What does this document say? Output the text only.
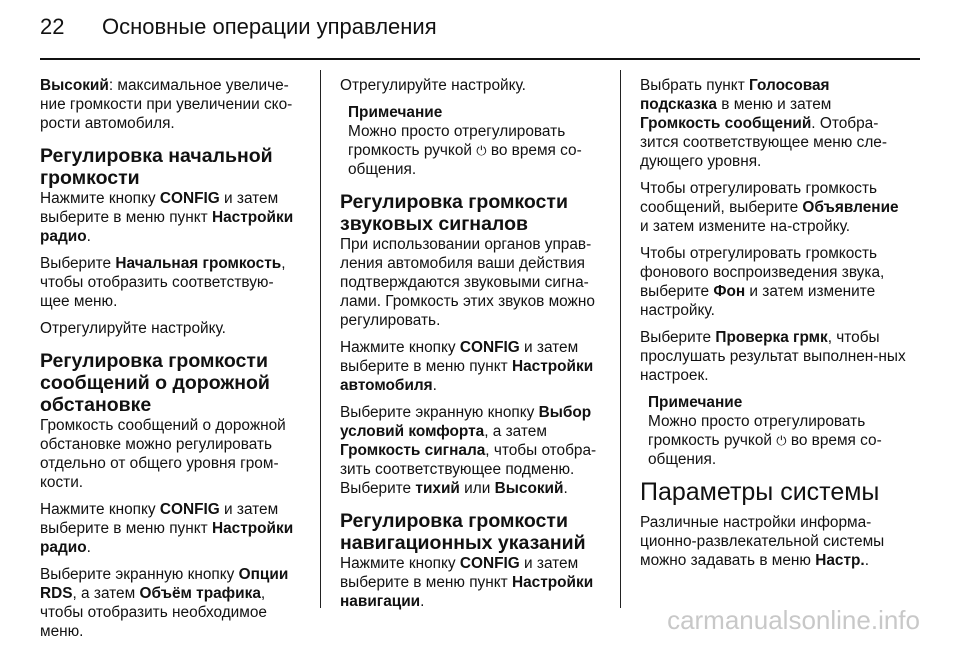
22 Основные операции управления

Высокий: максимальное увеличе-ние громкости при увеличении ско-рости автомобиля.

Регулировка начальной громкости

Нажмите кнопку CONFIG и затем выберите в меню пункт Настройки радио.

Выберите Начальная громкость, чтобы отобразить соответствую-щее меню.

Отрегулируйте настройку.

Регулировка громкости сообщений о дорожной обстановке

Громкость сообщений о дорожной обстановке можно регулировать отдельно от общего уровня гром-кости.

Нажмите кнопку CONFIG и затем выберите в меню пункт Настройки радио.

Выберите экранную кнопку Опции RDS, а затем Объём трафика, чтобы отобразить необходимое меню.

Отрегулируйте настройку.

Примечание
Можно просто отрегулировать громкость ручкой ⏻ во время со-общения.
Регулировка громкости звуковых сигналов

При использовании органов управ-ления автомобиля ваши действия подтверждаются звуковыми сигна-лами. Громкость этих звуков можно регулировать.

Нажмите кнопку CONFIG и затем выберите в меню пункт Настройки автомобиля.

Выберите экранную кнопку Выбор условий комфорта, а затем Громкость сигнала, чтобы отобра-зить соответствующее подменю. Выберите тихий или Высокий.

Регулировка громкости навигационных указаний

Нажмите кнопку CONFIG и затем выберите в меню пункт Настройки навигации.

Выбрать пункт Голосовая подсказка в меню и затем Громкость сообщений. Отобра-зится соответствующее меню сле-дующего уровня.

Чтобы отрегулировать громкость сообщений, выберите Объявление и затем измените на-стройку.

Чтобы отрегулировать громкость фонового воспроизведения звука, выберите Фон и затем измените настройку.

Выберите Проверка грмк, чтобы прослушать результат выполнен-ных настроек.

Примечание
Можно просто отрегулировать громкость ручкой ⏻ во время со-общения.
Параметры системы

Различные настройки информа-ционно-развлекательной системы можно задавать в меню Настр..

carmanualsonline.info
